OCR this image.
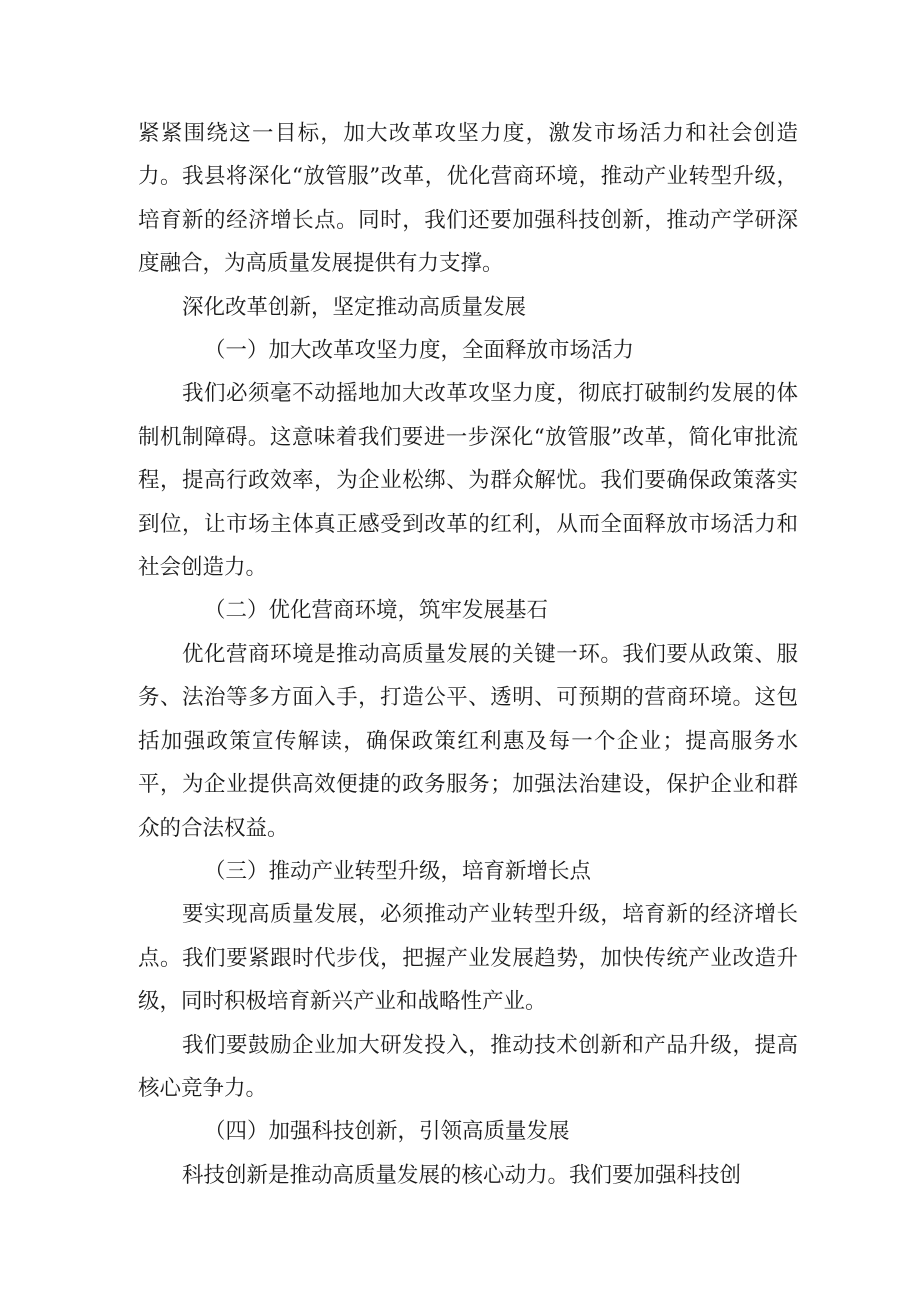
紧紧围绕这一目标，加大改革攻坚力度，激发市场活力和社会创造力。我县将深化“放管服”改革，优化营商环境，推动产业转型升级，培育新的经济增长点。同时，我们还要加强科技创新，推动产学研深度融合，为高质量发展提供有力支撑。

深化改革创新，坚定推动高质量发展

（一）加大改革攻坚力度，全面释放市场活力

我们必须毫不动摇地加大改革攻坚力度，彻底打破制约发展的体制机制障碍。这意味着我们要进一步深化“放管服”改革，简化审批流程，提高行政效率，为企业松绑、为群众解忧。我们要确保政策落实到位，让市场主体真正感受到改革的红利，从而全面释放市场活力和社会创造力。

（二）优化营商环境，筑牢发展基石

优化营商环境是推动高质量发展的关键一环。我们要从政策、服务、法治等多方面入手，打造公平、透明、可预期的营商环境。这包括加强政策宣传解读，确保政策红利惠及每一个企业；提高服务水平，为企业提供高效便捷的政务服务；加强法治建设，保护企业和群众的合法权益。

（三）推动产业转型升级，培育新增长点

要实现高质量发展，必须推动产业转型升级，培育新的经济增长点。我们要紧跟时代步伐，把握产业发展趋势，加快传统产业改造升级，同时积极培育新兴产业和战略性产业。

我们要鼓励企业加大研发投入，推动技术创新和产品升级，提高核心竞争力。

（四）加强科技创新，引领高质量发展

科技创新是推动高质量发展的核心动力。我们要加强科技创
